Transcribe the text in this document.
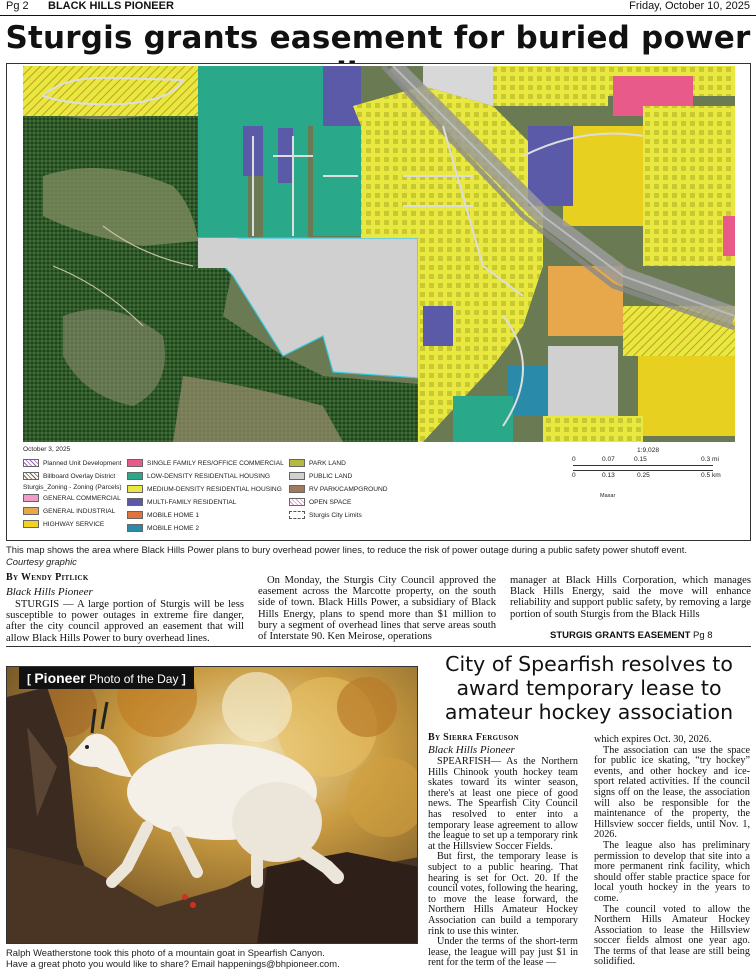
Pg 2 BLACK HILLS PIONEER	Friday, October 10, 2025
Sturgis grants easement for buried power
October 3, 2025
Planned Unit Development
Billboard Overlay District
Sturgis_Zoning - Zoning (Parcels)
GENERAL COMMERCIAL
GENERAL INDUSTRIAL
HIGHWAY SERVICE
SINGLE FAMILY RES/OFFICE COMMERCIAL
LOW-DENSITY RESIDENTIAL HOUSING
MEDIUM-DENSITY RESIDENTIAL HOUSING
MULTI-FAMILY RESIDENTIAL
MOBILE HOME 1
MOBILE HOME 2
PARK LAND
PUBLIC LAND
RV PARK/CAMPGROUND
OPEN SPACE
Sturgis City Limits
1:9,028
0	0.07	0.15	0.3 mi
0	0.13	0.25	0.5 km
Maxar
This map shows the area where Black Hills Power plans to bury overhead power lines, to reduce the risk of power outage during a public safety power shutoff event.
Courtesy graphic
By Wendy Pitlick
Black Hills Pioneer

STURGIS — A large portion of Sturgis will be less susceptible to power outages in extreme fire danger, after the city council approved an easement that will allow Black Hills Power to bury overhead lines.

On Monday, the Sturgis City Council approved the easement across the Marcotte property, on the south side of town. Black Hills Power, a subsidiary of Black Hills Energy, plans to spend more than $1 million to bury a segment of overhead lines that serve areas south of Interstate 90. Ken Meirose, operations

manager at Black Hills Corporation, which manages Black Hills Energy, said the move will enhance reliability and support public safety, by removing a large portion of south Sturgis from the Black Hills

STURGIS GRANTS EASEMENT Pg 8
[ Pioneer Photo of the Day ]
Ralph Weatherstone took this photo of a mountain goat in Spearfish Canyon.
Have a great photo you would like to share? Email happenings@bhpioneer.com.
City of Spearfish resolves to award temporary lease to amateur hockey association
By Sierra Ferguson
Black Hills Pioneer

SPEARFISH— As the Northern Hills Chinook youth hockey team skates toward its winter season, there's at least one piece of good news. The Spearfish City Council has resolved to enter into a temporary lease agreement to allow the league to set up a temporary rink at the Hillsview Soccer Fields.

But first, the temporary lease is subject to a public hearing. That hearing is set for Oct. 20. If the council votes, following the hearing, to move the lease forward, the Northern Hills Amateur Hockey Association can build a temporary rink to use this winter.

Under the terms of the short-term lease, the league will pay just $1 in rent for the term of the lease —

which expires Oct. 30, 2026.

The association can use the space for public ice skating, “try hockey” events, and other hockey and ice-sport related activities. If the council signs off on the lease, the association will also be responsible for the maintenance of the property, the Hillsview soccer fields, until Nov. 1, 2026.

The league also has preliminary permission to develop that site into a more permanent rink facility, which should offer stable practice space for local youth hockey in the years to come.

The council voted to allow the Northern Hills Amateur Hockey Association to lease the Hillsview soccer fields almost one year ago. The terms of that lease are still being solidified.
